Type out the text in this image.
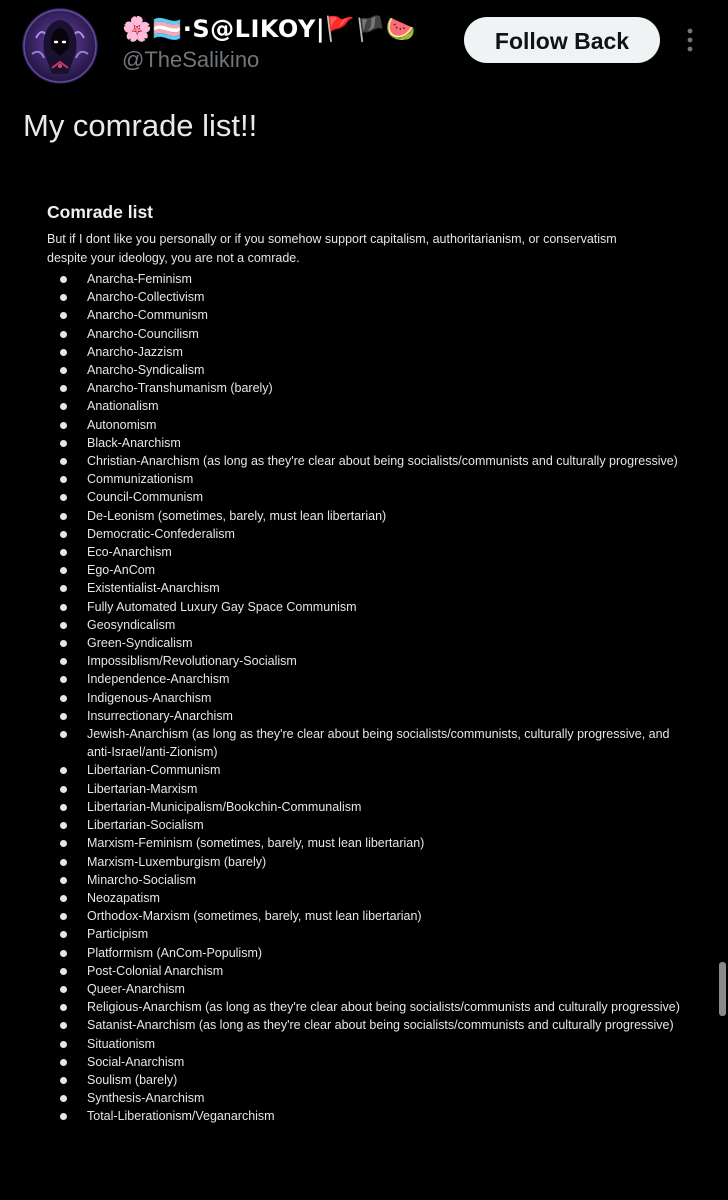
🌸🏳️‍⚧️·S@LIKOY|🚩🏴🍉
@TheSalikino
Follow Back
My comrade list!!
Comrade list
But if I dont like you personally or if you somehow support capitalism, authoritarianism, or conservatism despite your ideology, you are not a comrade.
Anarcha-Feminism
Anarcho-Collectivism
Anarcho-Communism
Anarcho-Councilism
Anarcho-Jazzism
Anarcho-Syndicalism
Anarcho-Transhumanism (barely)
Anationalism
Autonomism
Black-Anarchism
Christian-Anarchism (as long as they're clear about being socialists/communists and culturally progressive)
Communizationism
Council-Communism
De-Leonism (sometimes, barely, must lean libertarian)
Democratic-Confederalism
Eco-Anarchism
Ego-AnCom
Existentialist-Anarchism
Fully Automated Luxury Gay Space Communism
Geosyndicalism
Green-Syndicalism
Impossiblism/Revolutionary-Socialism
Independence-Anarchism
Indigenous-Anarchism
Insurrectionary-Anarchism
Jewish-Anarchism (as long as they're clear about being socialists/communists, culturally progressive, and anti-Israel/anti-Zionism)
Libertarian-Communism
Libertarian-Marxism
Libertarian-Municipalism/Bookchin-Communalism
Libertarian-Socialism
Marxism-Feminism (sometimes, barely, must lean libertarian)
Marxism-Luxemburgism (barely)
Minarcho-Socialism
Neozapatism
Orthodox-Marxism (sometimes, barely, must lean libertarian)
Participism
Platformism (AnCom-Populism)
Post-Colonial Anarchism
Queer-Anarchism
Religious-Anarchism (as long as they're clear about being socialists/communists and culturally progressive)
Satanist-Anarchism (as long as they're clear about being socialists/communists and culturally progressive)
Situationism
Social-Anarchism
Soulism (barely)
Synthesis-Anarchism
Total-Liberationism/Veganarchism
